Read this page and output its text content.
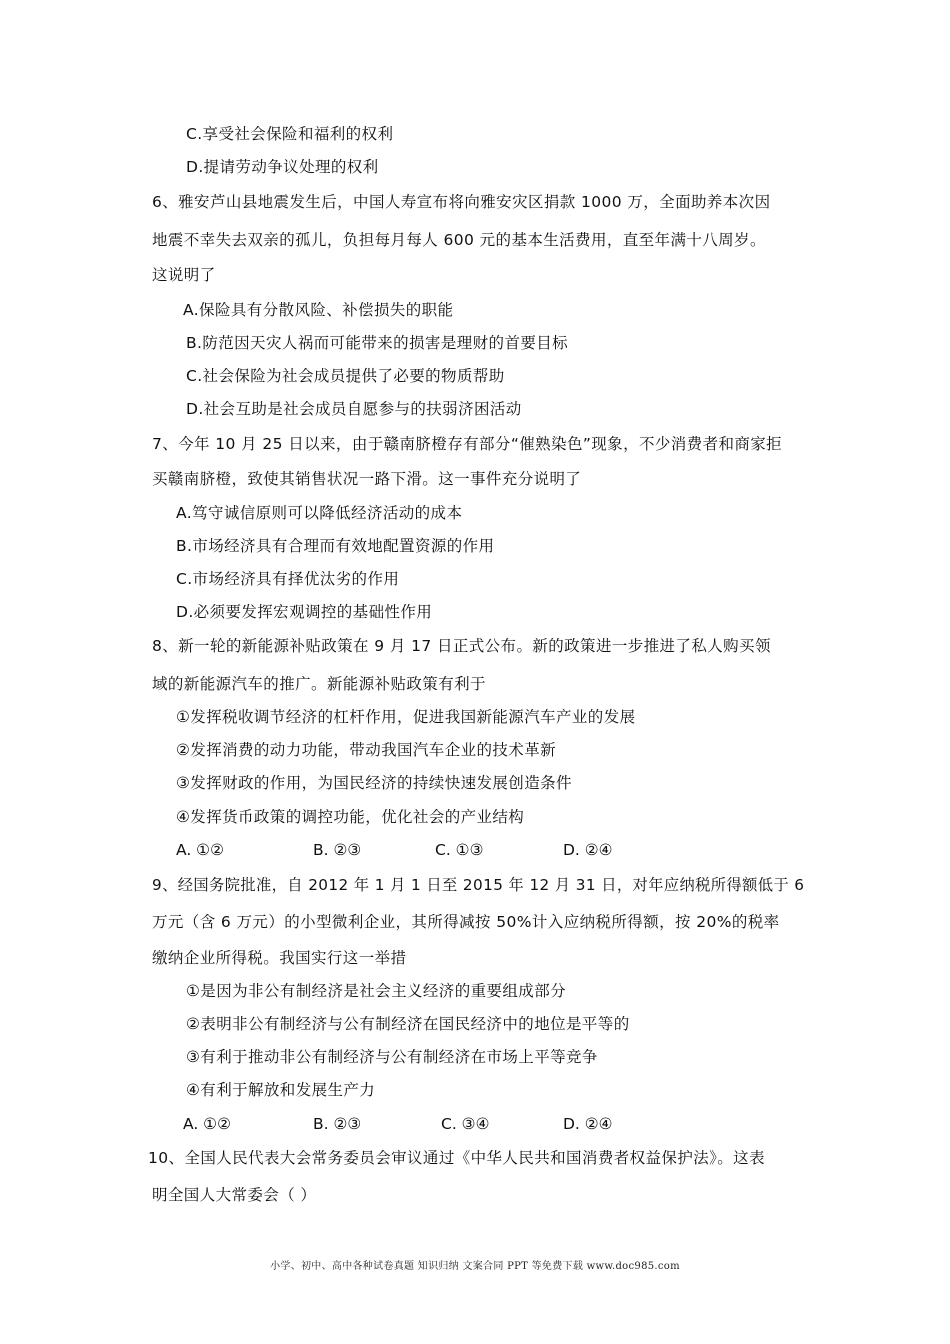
C.享受社会保险和福利的权利
D.提请劳动争议处理的权利
6、雅安芦山县地震发生后，中国人寿宣布将向雅安灾区捐款 1000 万，全面助养本次因
地震不幸失去双亲的孤儿，负担每月每人 600 元的基本生活费用，直至年满十八周岁。
这说明了
A.保险具有分散风险、补偿损失的职能
B.防范因天灾人祸而可能带来的损害是理财的首要目标
C.社会保险为社会成员提供了必要的物质帮助
D.社会互助是社会成员自愿参与的扶弱济困活动
7、今年 10 月 25 日以来，由于赣南脐橙存有部分“催熟染色”现象，不少消费者和商家拒
买赣南脐橙，致使其销售状况一路下滑。这一事件充分说明了
A.笃守诚信原则可以降低经济活动的成本
B.市场经济具有合理而有效地配置资源的作用
C.市场经济具有择优汰劣的作用
D.必须要发挥宏观调控的基础性作用
8、新一轮的新能源补贴政策在 9 月 17 日正式公布。新的政策进一步推进了私人购买领
域的新能源汽车的推广。新能源补贴政策有利于
①发挥税收调节经济的杠杆作用，促进我国新能源汽车产业的发展
②发挥消费的动力功能，带动我国汽车企业的技术革新
③发挥财政的作用，为国民经济的持续快速发展创造条件
④发挥货币政策的调控功能，优化社会的产业结构
A. ①②	B. ②③	C. ①③	D. ②④
9、经国务院批准，自 2012 年 1 月 1 日至 2015 年 12 月 31 日，对年应纳税所得额低于 6
万元（含 6 万元）的小型微利企业，其所得减按 50%计入应纳税所得额，按 20%的税率
缴纳企业所得税。我国实行这一举措
①是因为非公有制经济是社会主义经济的重要组成部分
②表明非公有制经济与公有制经济在国民经济中的地位是平等的
③有利于推动非公有制经济与公有制经济在市场上平等竞争
④有利于解放和发展生产力
A. ①②	B. ②③	C. ③④	D. ②④
10、全国人民代表大会常务委员会审议通过《中华人民共和国消费者权益保护法》。这表
明全国人大常委会（ ）
小学、初中、高中各种试卷真题 知识归纳 文案合同 PPT 等免费下载 www.doc985.com
